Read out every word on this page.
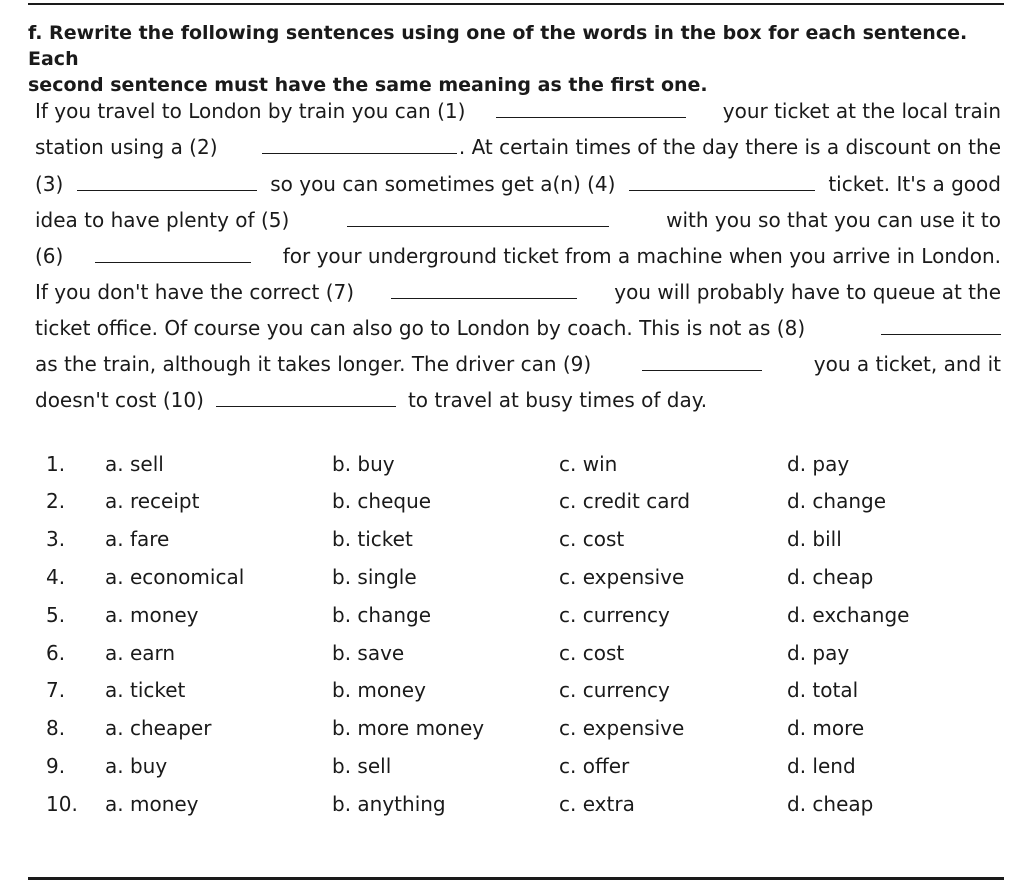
f. Rewrite the following sentences using one of the words in the box for each sentence. Each
second sentence must have the same meaning as the first one.
If you travel to London by train you can (1)	your ticket at the local train
station using a (2)	. At certain times of the day there is a discount on the
(3)	so you can sometimes get a(n) (4)	ticket. It's a good
idea to have plenty of (5)	with you so that you can use it to
(6)	for your underground ticket from a machine when you arrive in London.
If you don't have the correct (7)	you will probably have to queue at the
ticket office. Of course you can also go to London by coach. This is not as (8)
as the train, although it takes longer. The driver can (9)	you a ticket, and it
doesn't cost (10)	to travel at busy times of day.
1. a. sell	b. buy	c. win	d. pay
2. a. receipt	b. cheque	c. credit card	d. change
3. a. fare	b. ticket	c. cost	d. bill
4. a. economical	b. single	c. expensive	d. cheap
5. a. money	b. change	c. currency	d. exchange
6. a. earn	b. save	c. cost	d. pay
7. a. ticket	b. money	c. currency	d. total
8. a. cheaper	b. more money	c. expensive	d. more
9. a. buy	b. sell	c. offer	d. lend
10. a. money	b. anything	c. extra	d. cheap
